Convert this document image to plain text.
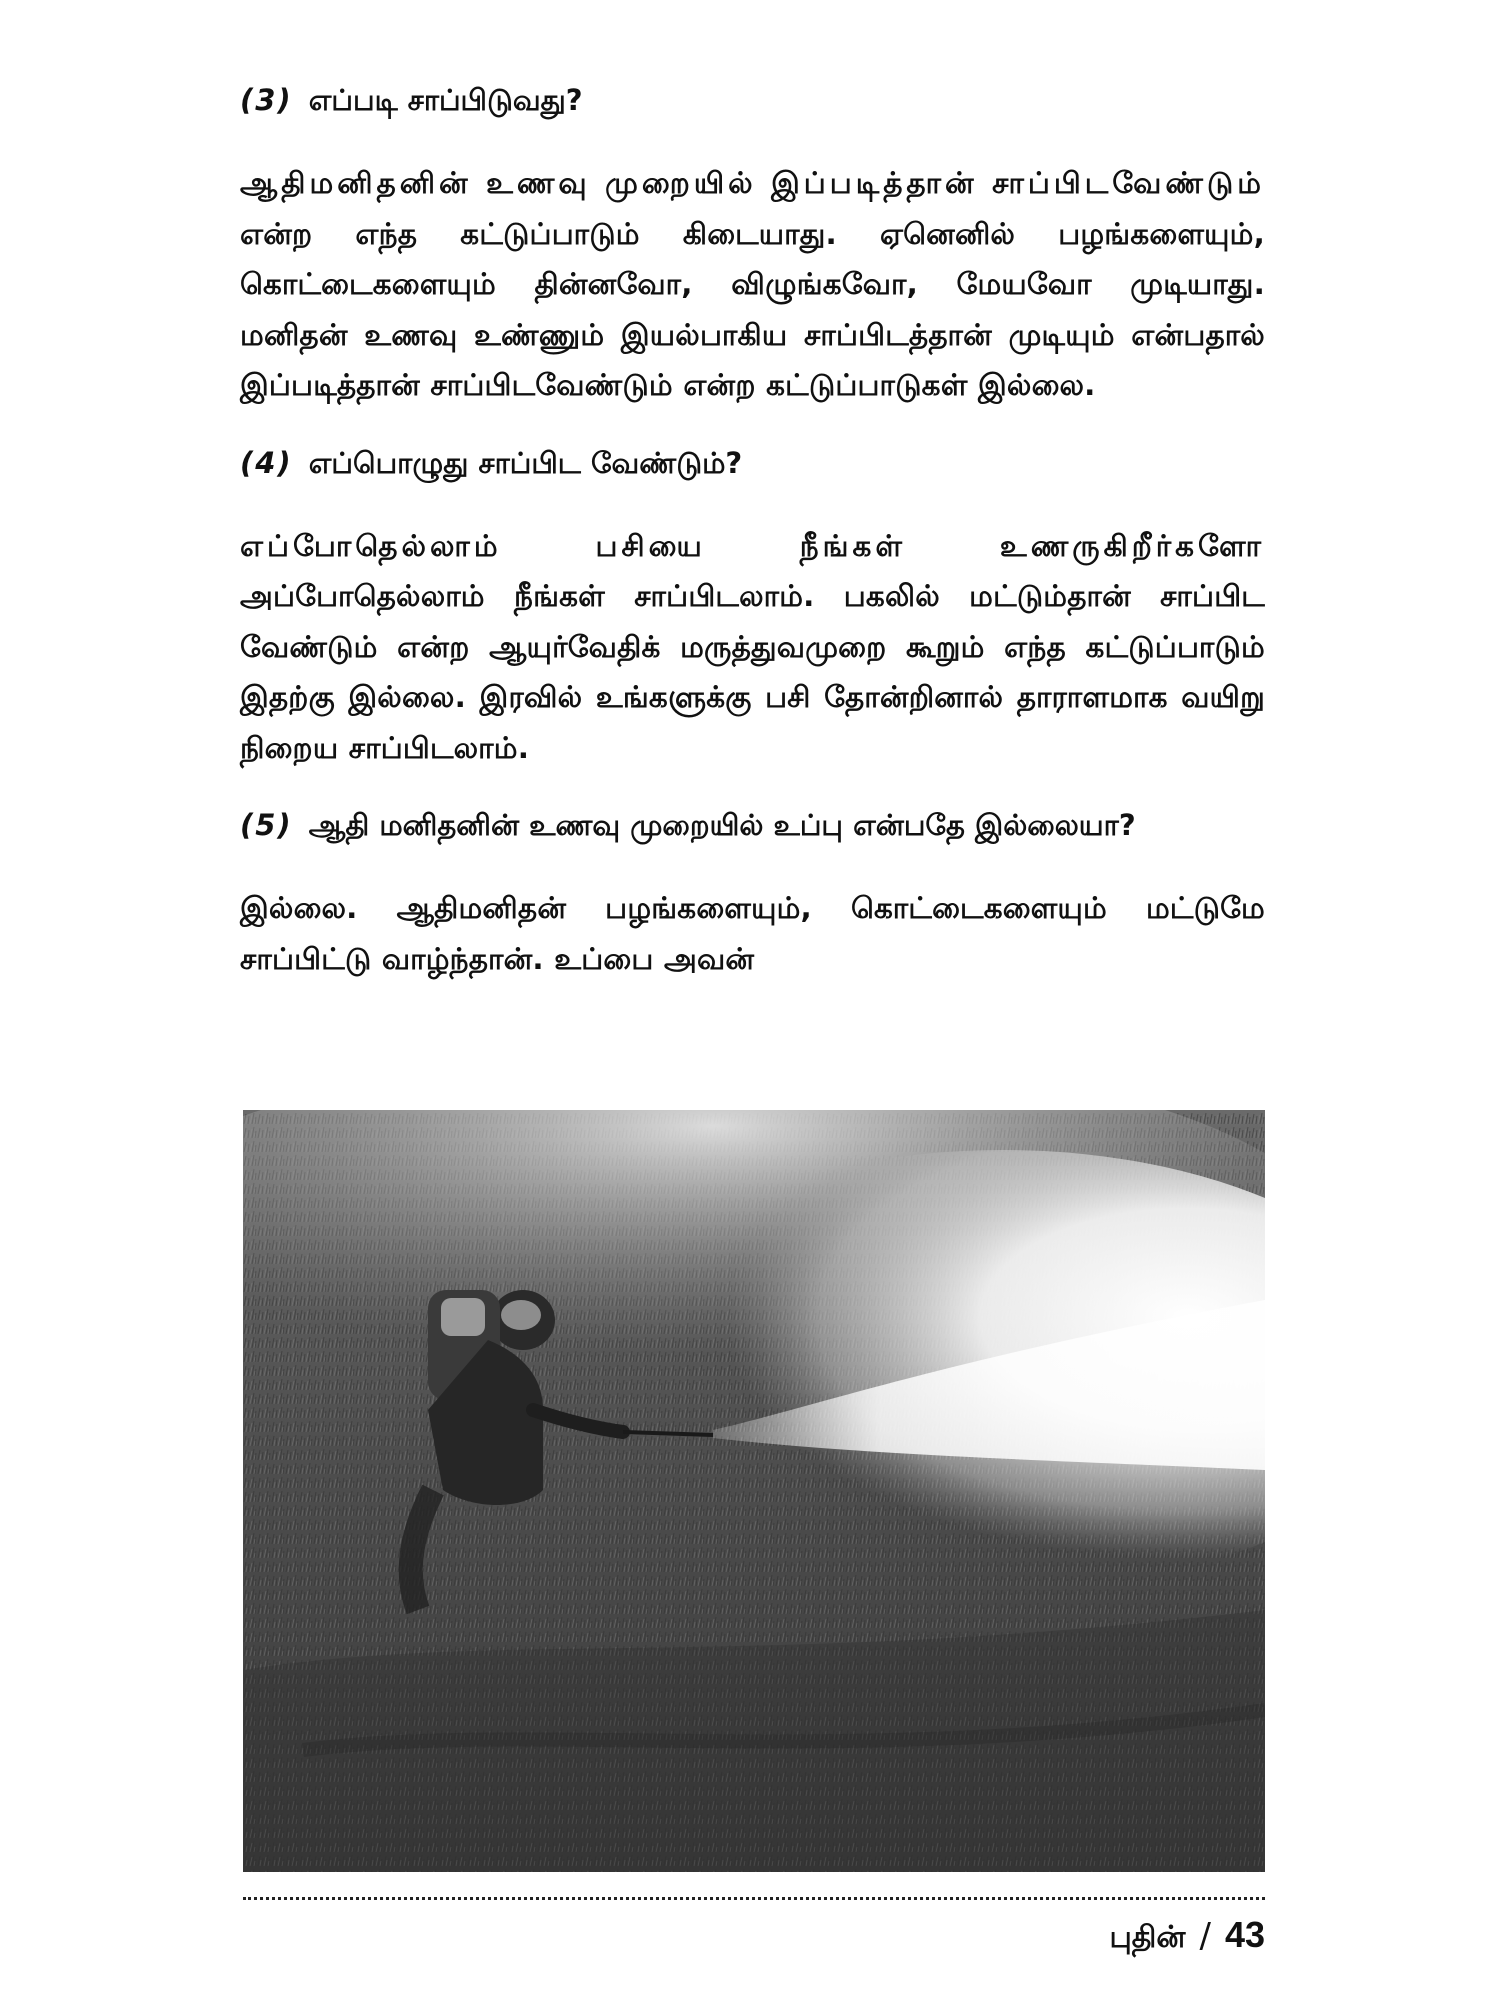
(3) எப்படி சாப்பிடுவது?

ஆதிமனிதனின் உணவு முறையில் இப்படித்தான் சாப்பிடவேண்டும் என்ற எந்த கட்டுப்பாடும் கிடையாது. ஏனெனில் பழங்களையும், கொட்டைகளையும் தின்னவோ, விழுங்கவோ, மேயவோ முடியாது. மனிதன் உணவு உண்ணும் இயல்பாகிய சாப்பிடத்தான் முடியும் என்பதால் இப்படித்தான் சாப்பிடவேண்டும் என்ற கட்டுப்பாடுகள் இல்லை.

(4) எப்பொழுது சாப்பிட வேண்டும்?

எப்போதெல்லாம் பசியை நீங்கள் உணருகிறீர்களோ அப்போதெல்லாம் நீங்கள் சாப்பிடலாம். பகலில் மட்டும்தான் சாப்பிட வேண்டும் என்ற ஆயுர்வேதிக் மருத்துவமுறை கூறும் எந்த கட்டுப்பாடும் இதற்கு இல்லை. இரவில் உங்களுக்கு பசி தோன்றினால் தாராளமாக வயிறு நிறைய சாப்பிடலாம்.

(5) ஆதி மனிதனின் உணவு முறையில் உப்பு என்பதே இல்லையா?

இல்லை. ஆதிமனிதன் பழங்களையும், கொட்டைகளையும் மட்டுமே சாப்பிட்டு வாழ்ந்தான். உப்பை அவன்

புதின் / 43
